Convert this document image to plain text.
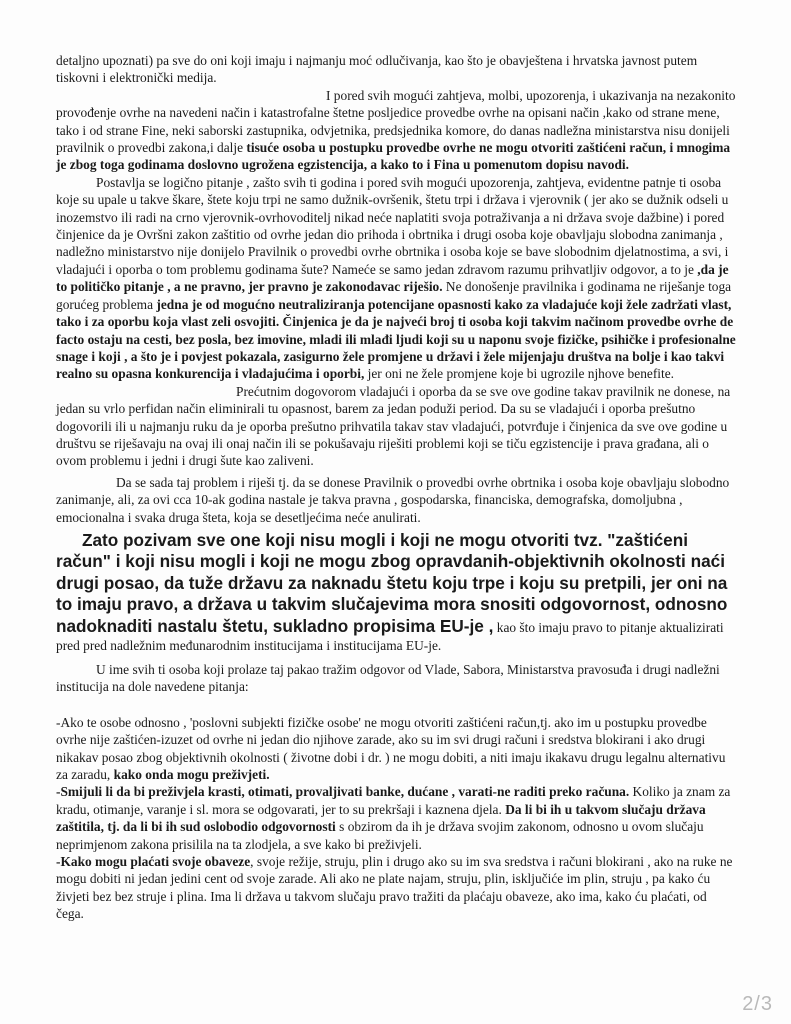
detaljno upoznati) pa sve do oni koji imaju i najmanju moć odlučivanja, kao što je obavještena i hrvatska javnost putem tiskovni i elektronički medija.

I pored svih mogući zahtjeva, molbi, upozorenja, i ukazivanja na nezakonito provođenje ovrhe na navedeni način i katastrofalne štetne posljedice provedbe ovrhe na opisani način ,kako od strane mene, tako i od strane Fine, neki saborski zastupnika, odvjetnika, predsjednika komore, do danas nadležna ministarstva nisu donijeli pravilnik o provedbi zakona,i dalje tisuće osoba u postupku provedbe ovrhe ne mogu otvoriti zaštićeni račun, i mnogima je zbog toga godinama doslovno ugrožena egzistencija, a kako to i Fina u pomenutom dopisu navodi.

Postavlja se logično pitanje , zašto svih ti godina i pored svih mogući upozorenja, zahtjeva, evidentne patnje ti osoba koje su upale u takve škare, štete koju trpi ne samo dužnik-ovršenik, štetu trpi i država i vjerovnik ( jer ako se dužnik odseli u inozemstvo ili radi na crno vjerovnik-ovrhovoditelj nikad neće naplatiti svoja potraživanja a ni država svoje dažbine) i pored činjenice da je Ovršni zakon zaštitio od ovrhe jedan dio prihoda i obrtnika i drugi osoba koje obavljaju slobodna zanimanja , nadležno ministarstvo nije donijelo Pravilnik o provedbi ovrhe obrtnika i osoba koje se bave slobodnim djelatnostima, a svi, i vladajući i oporba o tom problemu godinama šute? Nameće se samo jedan zdravom razumu prihvatljiv odgovor, a to je ,da je to političko pitanje , a ne pravno, jer pravno je zakonodavac riješio. Ne donošenje pravilnika i godinama ne riješanje toga gorućeg problema jedna je od mogućno neutraliziranja potencijane opasnosti kako za vladajuće koji žele zadržati vlast, tako i za oporbu koja vlast zeli osvojiti. Činjenica je da je najveći broj ti osoba koji takvim načinom provedbe ovrhe de facto ostaju na cesti, bez posla, bez imovine, mladi ili mlađi ljudi koji su u naponu svoje fizičke, psihičke i profesionalne snage i koji , a što je i povjest pokazala, zasigurno žele promjene u državi i žele mijenjaju društva na bolje i kao takvi realno su opasna konkurencija i vladajućima i oporbi, jer oni ne žele promjene koje bi ugrozile njhove benefite.

Prećutnim dogovorom vladajući i oporba da se sve ove godine takav pravilnik ne donese, na jedan su vrlo perfidan način eliminirali tu opasnost, barem za jedan poduži period. Da su se vladajući i oporba prešutno dogovorili ili u najmanju ruku da je oporba prešutno prihvatila takav stav vladajući, potvrđuje i činjenica da sve ove godine u društvu se riješavaju na ovaj ili onaj način ili se pokušavaju riješiti problemi koji se tiču egzistencije i prava građana, ali o ovom problemu i jedni i drugi šute kao zaliveni.

Da se sada taj problem i riješi tj. da se donese Pravilnik o provedbi ovrhe obrtnika i osoba koje obavljaju slobodno zanimanje, ali, za ovi cca 10-ak godina nastale je takva pravna , gospodarska, financiska, demografska, domoljubna , emocionalna i svaka druga šteta, koja se desetljećima neće anulirati.

Zato pozivam sve one koji nisu mogli i koji ne mogu otvoriti tvz. "zaštićeni račun" i koji nisu mogli i koji ne mogu zbog opravdanih-objektivnih okolnosti naći drugi posao, da tuže državu za naknadu štetu koju trpe i koju su pretpili, jer oni na to imaju pravo, a država u takvim slučajevima mora snositi odgovornost, odnosno nadoknaditi nastalu štetu, sukladno propisima EU-je , kao što imaju pravo to pitanje aktualizirati pred pred nadležnim međunarodnim institucijama i institucijama EU-je.

U ime svih ti osoba koji prolaze taj pakao tražim odgovor od Vlade, Sabora, Ministarstva pravosuđa i drugi nadležni institucija na dole navedene pitanja:

-Ako te osobe odnosno , 'poslovni subjekti fizičke osobe' ne mogu otvoriti zaštićeni račun,tj. ako im u postupku provedbe ovrhe nije zaštićen-izuzet od ovrhe ni jedan dio njihove zarade, ako su im svi drugi računi i sredstva blokirani i ako drugi nikakav posao zbog objektivnih okolnosti ( životne dobi i dr. ) ne mogu dobiti, a niti imaju ikakavu drugu legalnu alternativu za zaradu, kako onda mogu preživjeti.

-Smijuli li da bi preživjela krasti, otimati, provaljivati banke, dućane , varati-ne raditi preko računa. Koliko ja znam za kradu, otimanje, varanje i sl. mora se odgovarati, jer to su prekršaji i kaznena djela. Da li bi ih u takvom slučaju država zaštitila, tj. da li bi ih sud oslobodio odgovornosti s obzirom da ih je država svojim zakonom, odnosno u ovom slučaju neprimjenom zakona prisilila na ta zlodjela, a sve kako bi preživjeli.

-Kako mogu plaćati svoje obaveze, svoje režije, struju, plin i drugo ako su im sva sredstva i računi blokirani , ako na ruke ne mogu dobiti ni jedan jedini cent od svoje zarade. Ali ako ne plate najam, struju, plin, isključiće im plin, struju , pa kako ću živjeti bez bez struje i plina. Ima li država u takvom slučaju pravo tražiti da plaćaju obaveze, ako ima, kako ću plaćati, od čega.

2/3
